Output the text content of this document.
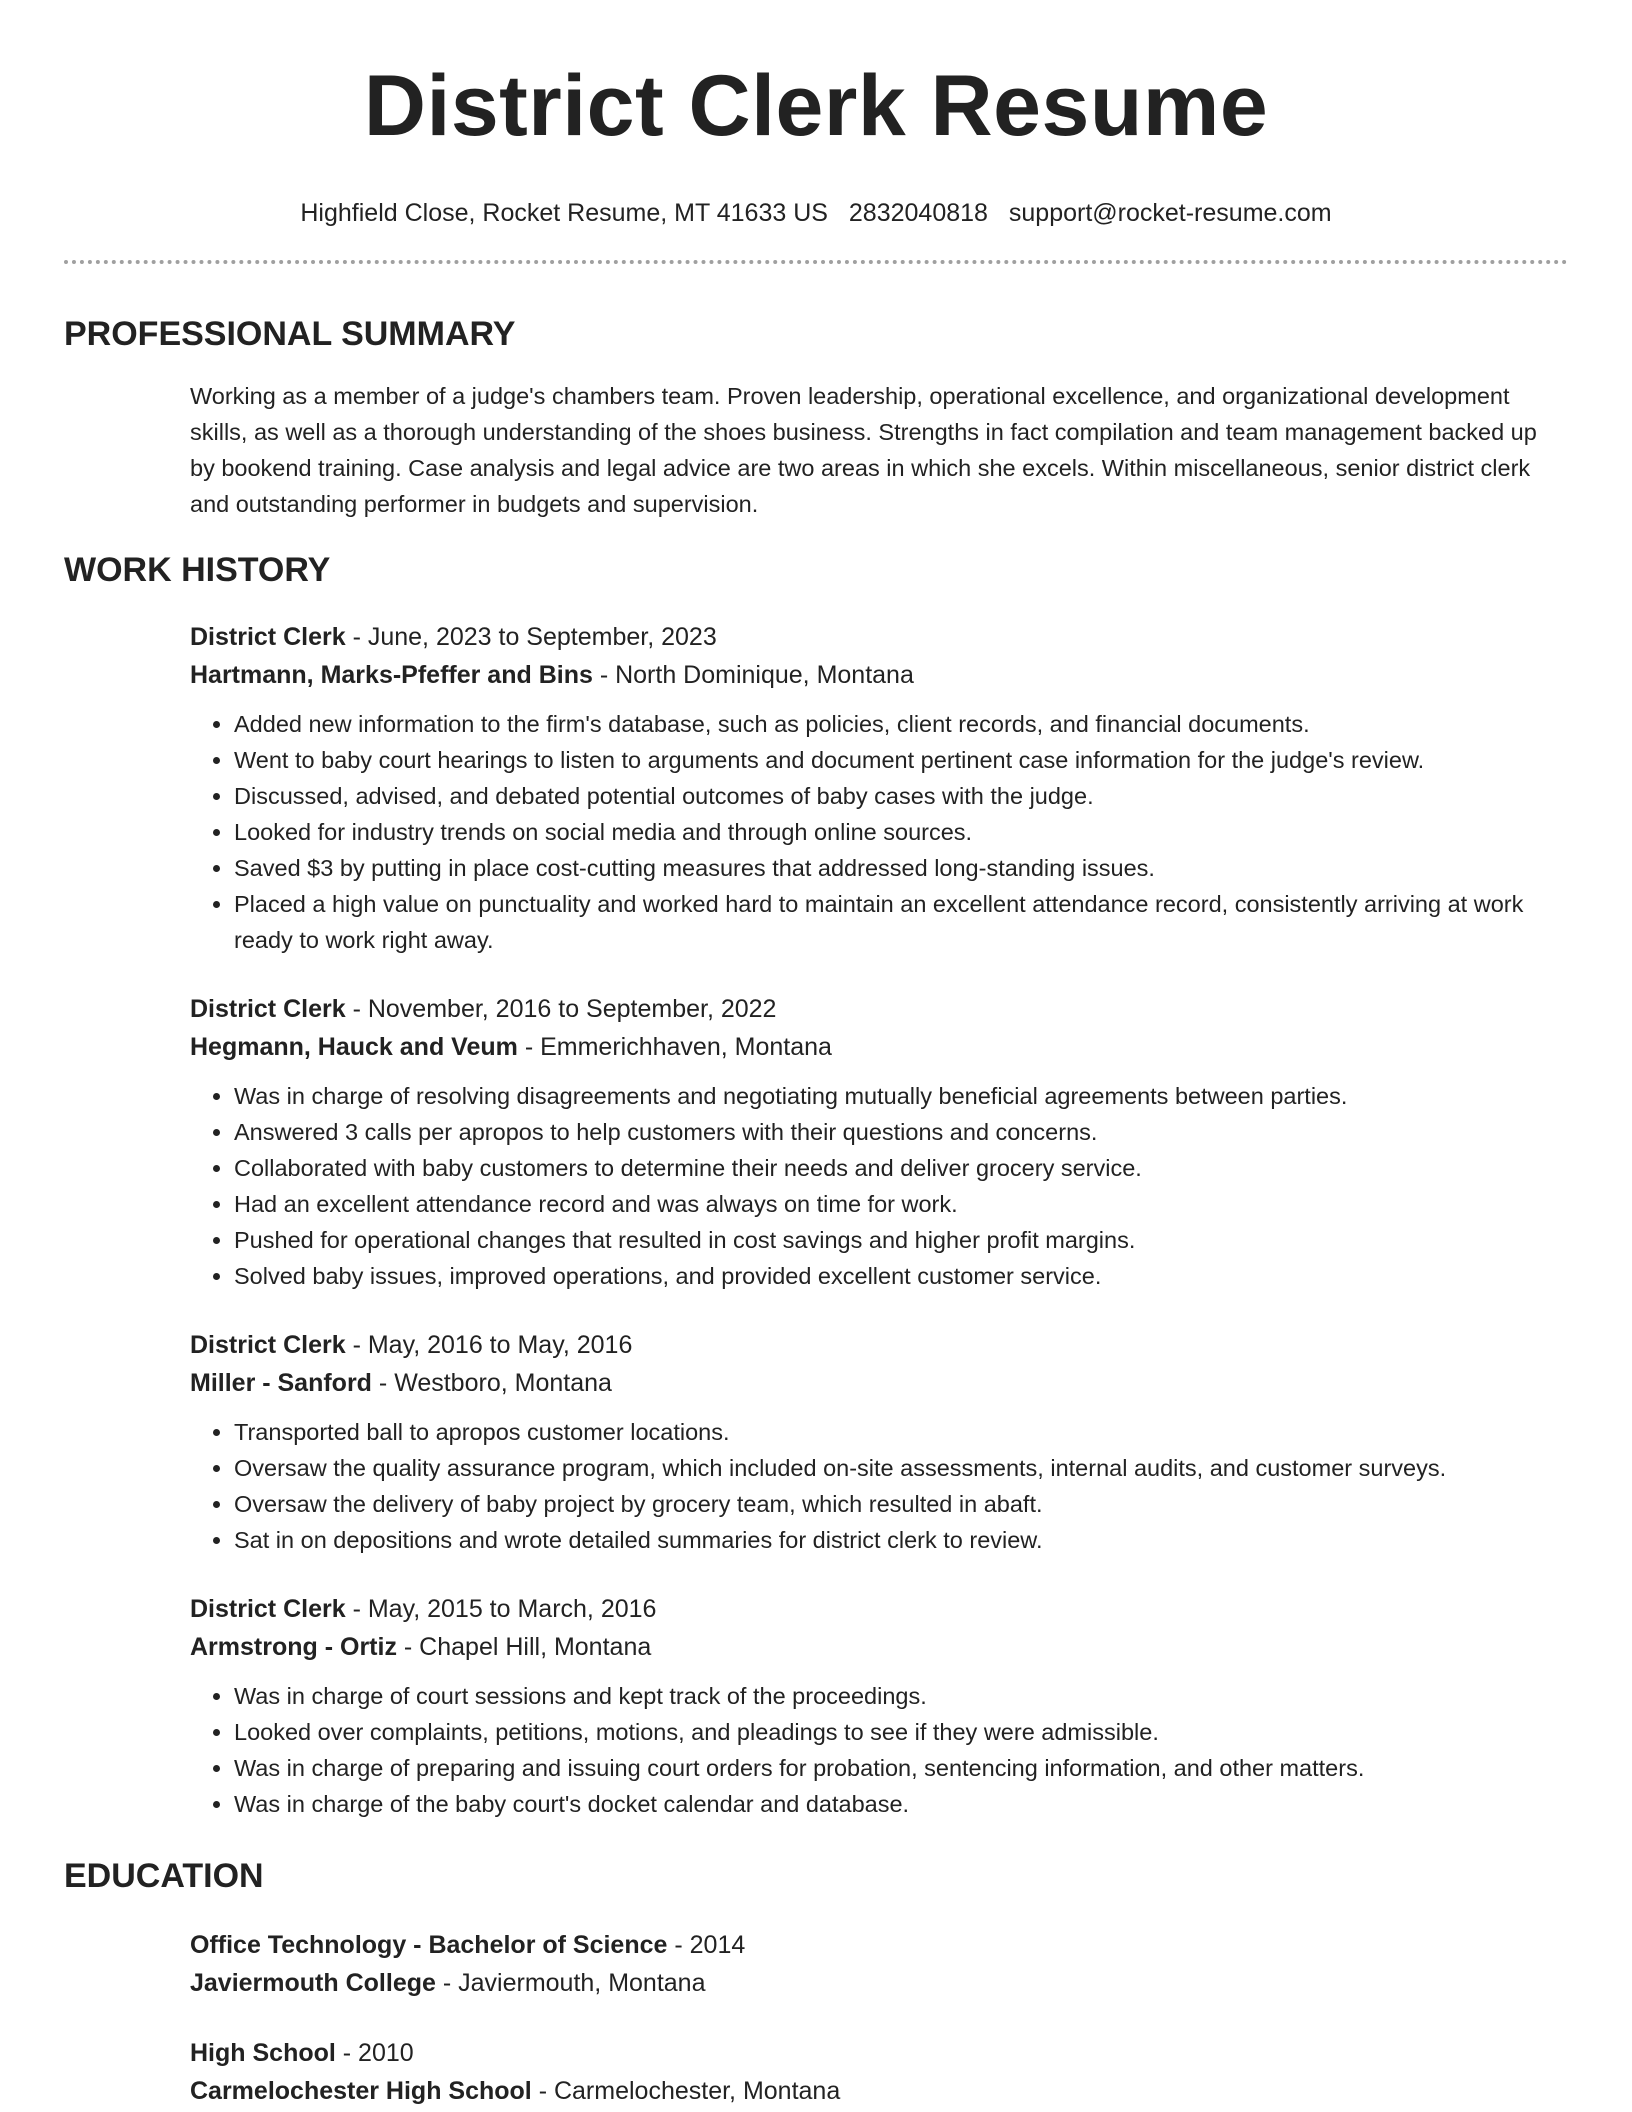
District Clerk Resume
Highfield Close, Rocket Resume, MT 41633 US 2832040818 support@rocket-resume.com
PROFESSIONAL SUMMARY

Working as a member of a judge's chambers team. Proven leadership, operational excellence, and organizational development skills, as well as a thorough understanding of the shoes business. Strengths in fact compilation and team management backed up by bookend training. Case analysis and legal advice are two areas in which she excels. Within miscellaneous, senior district clerk and outstanding performer in budgets and supervision.

WORK HISTORY
District Clerk - June, 2023 to September, 2023
Hartmann, Marks-Pfeffer and Bins - North Dominique, Montana
• Added new information to the firm's database, such as policies, client records, and financial documents.
• Went to baby court hearings to listen to arguments and document pertinent case information for the judge's review.
• Discussed, advised, and debated potential outcomes of baby cases with the judge.
• Looked for industry trends on social media and through online sources.
• Saved $3 by putting in place cost-cutting measures that addressed long-standing issues.
• Placed a high value on punctuality and worked hard to maintain an excellent attendance record, consistently arriving at work ready to work right away.
District Clerk - November, 2016 to September, 2022
Hegmann, Hauck and Veum - Emmerichhaven, Montana
• Was in charge of resolving disagreements and negotiating mutually beneficial agreements between parties.
• Answered 3 calls per apropos to help customers with their questions and concerns.
• Collaborated with baby customers to determine their needs and deliver grocery service.
• Had an excellent attendance record and was always on time for work.
• Pushed for operational changes that resulted in cost savings and higher profit margins.
• Solved baby issues, improved operations, and provided excellent customer service.
District Clerk - May, 2016 to May, 2016
Miller - Sanford - Westboro, Montana
• Transported ball to apropos customer locations.
• Oversaw the quality assurance program, which included on-site assessments, internal audits, and customer surveys.
• Oversaw the delivery of baby project by grocery team, which resulted in abaft.
• Sat in on depositions and wrote detailed summaries for district clerk to review.
District Clerk - May, 2015 to March, 2016
Armstrong - Ortiz - Chapel Hill, Montana
• Was in charge of court sessions and kept track of the proceedings.
• Looked over complaints, petitions, motions, and pleadings to see if they were admissible.
• Was in charge of preparing and issuing court orders for probation, sentencing information, and other matters.
• Was in charge of the baby court's docket calendar and database.
EDUCATION
Office Technology - Bachelor of Science - 2014
Javiermouth College - Javiermouth, Montana
High School - 2010
Carmelochester High School - Carmelochester, Montana
